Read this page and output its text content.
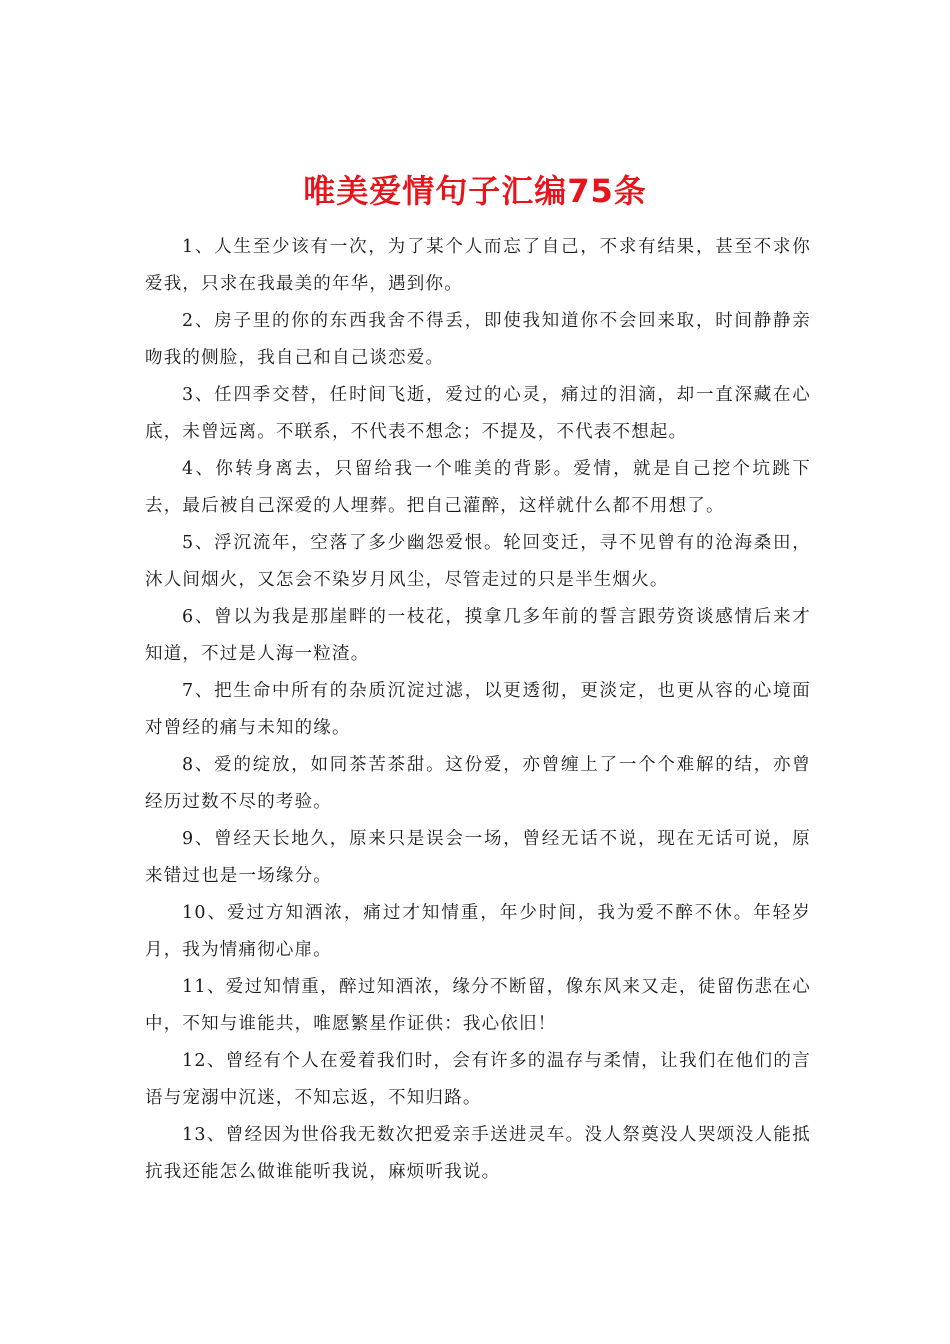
唯美爱情句子汇编75条

1、人生至少该有一次，为了某个人而忘了自己，不求有结果，甚至不求你爱我，只求在我最美的年华，遇到你。

2、房子里的你的东西我舍不得丢，即使我知道你不会回来取，时间静静亲吻我的侧脸，我自己和自己谈恋爱。

3、任四季交替，任时间飞逝，爱过的心灵，痛过的泪滴，却一直深藏在心底，未曾远离。不联系，不代表不想念；不提及，不代表不想起。

4、你转身离去，只留给我一个唯美的背影。爱情，就是自己挖个坑跳下去，最后被自己深爱的人埋葬。把自己灌醉，这样就什么都不用想了。

5、浮沉流年，空落了多少幽怨爱恨。轮回变迁，寻不见曾有的沧海桑田，沐人间烟火，又怎会不染岁月风尘，尽管走过的只是半生烟火。

6、曾以为我是那崖畔的一枝花，摸拿几多年前的誓言跟劳资谈感情后来才知道，不过是人海一粒渣。

7、把生命中所有的杂质沉淀过滤，以更透彻，更淡定，也更从容的心境面对曾经的痛与未知的缘。

8、爱的绽放，如同茶苦茶甜。这份爱，亦曾缠上了一个个难解的结，亦曾经历过数不尽的考验。

9、曾经天长地久，原来只是误会一场，曾经无话不说，现在无话可说，原来错过也是一场缘分。

10、爱过方知酒浓，痛过才知情重，年少时间，我为爱不醉不休。年轻岁月，我为情痛彻心扉。

11、爱过知情重，醉过知酒浓，缘分不断留，像东风来又走，徒留伤悲在心中，不知与谁能共，唯愿繁星作证供：我心依旧！

12、曾经有个人在爱着我们时，会有许多的温存与柔情，让我们在他们的言语与宠溺中沉迷，不知忘返，不知归路。

13、曾经因为世俗我无数次把爱亲手送进灵车。没人祭奠没人哭颂没人能抵抗我还能怎么做谁能听我说，麻烦听我说。
